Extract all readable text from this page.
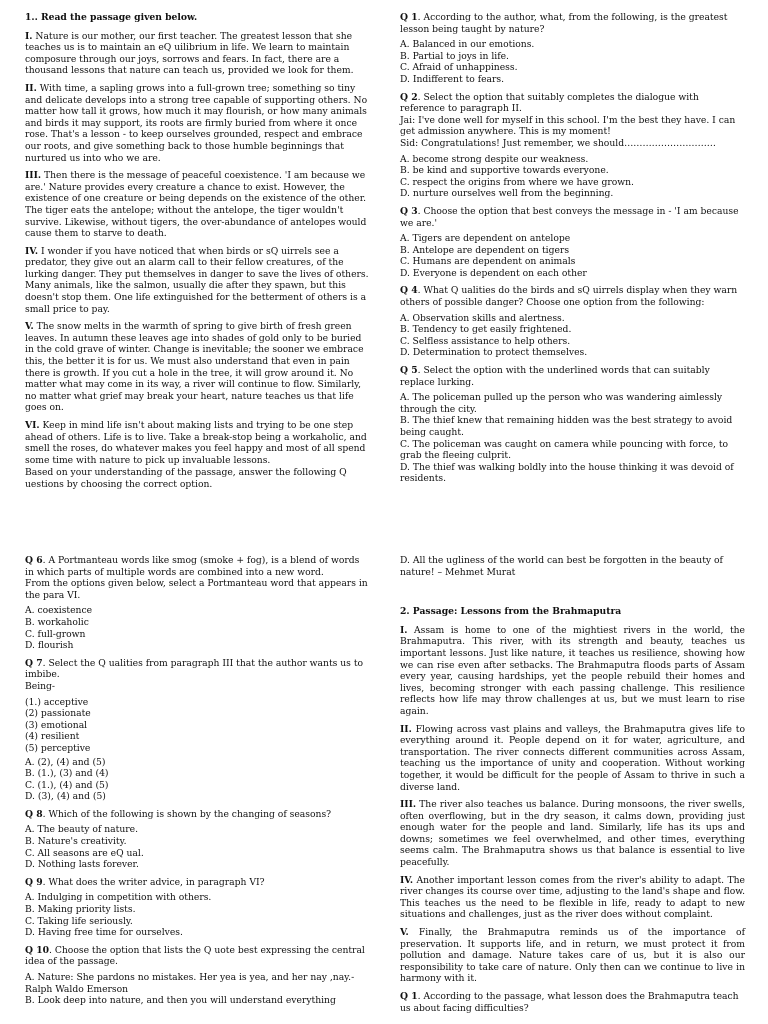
1.. Read the passage given below.

I. Nature is our mother, our first teacher. The greatest lesson that she teaches us is to maintain an eQ uilibrium in life. We learn to maintain composure through our joys, sorrows and fears. In fact, there are a thousand lessons that nature can teach us, provided we look for them.

II. With time, a sapling grows into a full-grown tree; something so tiny and delicate develops into a strong tree capable of supporting others. No matter how tall it grows, how much it may flourish, or how many animals and birds it may support, its roots are firmly buried from where it once rose. That's a lesson - to keep ourselves grounded, respect and embrace our roots, and give something back to those humble beginnings that nurtured us into who we are.

III. Then there is the message of peaceful coexistence. 'I am because we are.' Nature provides every creature a chance to exist. However, the existence of one creature or being depends on the existence of the other. The tiger eats the antelope; without the antelope, the tiger wouldn't survive. Likewise, without tigers, the over-abundance of antelopes would cause them to starve to death.

IV. I wonder if you have noticed that when birds or sQ uirrels see a predator, they give out an alarm call to their fellow creatures, of the lurking danger. They put themselves in danger to save the lives of others. Many animals, like the salmon, usually die after they spawn, but this doesn't stop them. One life extinguished for the betterment of others is a small price to pay.

V. The snow melts in the warmth of spring to give birth of fresh green leaves. In autumn these leaves age into shades of gold only to be buried in the cold grave of winter. Change is inevitable; the sooner we embrace this, the better it is for us. We must also understand that even in pain there is growth. If you cut a hole in the tree, it will grow around it. No matter what may come in its way, a river will continue to flow. Similarly, no matter what grief may break your heart, nature teaches us that life goes on.

VI. Keep in mind life isn't about making lists and trying to be one step ahead of others. Life is to live. Take a break-stop being a workaholic, and smell the roses, do whatever makes you feel happy and most of all spend some time with nature to pick up invaluable lessons.

Based on your understanding of the passage, answer the following Q uestions by choosing the correct option.

Q 1. According to the author, what, from the following, is the greatest lesson being taught by nature?

A. Balanced in our emotions.
B. Partial to joys in life.
C. Afraid of unhappiness.
D. Indifferent to fears.

Q 2. Select the option that suitably completes the dialogue with reference to paragraph II.

Jai: I've done well for myself in this school. I'm the best they have. I can get admission anywhere. This is my moment!

Sid: Congratulations! Just remember, we should…………………………

A. become strong despite our weakness.
B. be kind and supportive towards everyone.
C. respect the origins from where we have grown.
D. nurture ourselves well from the beginning.

Q 3. Choose the option that best conveys the message in - 'I am because we are.'

A. Tigers are dependent on antelope
B. Antelope are dependent on tigers
C. Humans are dependent on animals
D. Everyone is dependent on each other

Q 4. What Q ualities do the birds and sQ uirrels display when they warn others of possible danger? Choose one option from the following:

A. Observation skills and alertness.
B. Tendency to get easily frightened.
C. Selfless assistance to help others.
D. Determination to protect themselves.

Q 5. Select the option with the underlined words that can suitably replace lurking.

A. The policeman pulled up the person who was wandering aimlessly through the city.
B. The thief knew that remaining hidden was the best strategy to avoid being caught.
C. The policeman was caught on camera while pouncing with force, to grab the fleeing culprit.
D. The thief was walking boldly into the house thinking it was devoid of residents.

Q 6. A Portmanteau words like smog (smoke + fog), is a blend of words in which parts of multiple words are combined into a new word.

From the options given below, select a Portmanteau word that appears in the para VI.

A. coexistence
B. workaholic
C. full-grown
D. flourish

Q 7. Select the Q ualities from paragraph III that the author wants us to imbibe.

Being-

(1.) acceptive
(2) passionate
(3) emotional
(4) resilient
(5) perceptive
A. (2), (4) and (5)
B. (1.), (3) and (4)
C. (1.), (4) and (5)
D. (3), (4) and (5)

Q 8. Which of the following is shown by the changing of seasons?

A. The beauty of nature.
B. Nature's creativity.
C. All seasons are eQ ual.
D. Nothing lasts forever.

Q 9. What does the writer advice, in paragraph VI?

A. Indulging in competition with others.
B. Making priority lists.
C. Taking life seriously.
D. Having free time for ourselves.

Q 10. Choose the option that lists the Q uote best expressing the central idea of the passage.

A. Nature: She pardons no mistakes. Her yea is yea, and her nay ,nay.- Ralph Waldo Emerson
B. Look deep into nature, and then you will understand everything

D. All the ugliness of the world can best be forgotten in the beauty of nature! – Mehmet Murat

2. Passage: Lessons from the Brahmaputra

I. Assam is home to one of the mightiest rivers in the world, the Brahmaputra. This river, with its strength and beauty, teaches us important lessons. Just like nature, it teaches us resilience, showing how we can rise even after setbacks. The Brahmaputra floods parts of Assam every year, causing hardships, yet the people rebuild their homes and lives, becoming stronger with each passing challenge. This resilience reflects how life may throw challenges at us, but we must learn to rise again.

II. Flowing across vast plains and valleys, the Brahmaputra gives life to everything around it. People depend on it for water, agriculture, and transportation. The river connects different communities across Assam, teaching us the importance of unity and cooperation. Without working together, it would be difficult for the people of Assam to thrive in such a diverse land.

III. The river also teaches us balance. During monsoons, the river swells, often overflowing, but in the dry season, it calms down, providing just enough water for the people and land. Similarly, life has its ups and downs; sometimes we feel overwhelmed, and other times, everything seems calm. The Brahmaputra shows us that balance is essential to live peacefully.

IV. Another important lesson comes from the river's ability to adapt. The river changes its course over time, adjusting to the land's shape and flow. This teaches us the need to be flexible in life, ready to adapt to new situations and challenges, just as the river does without complaint.

V. Finally, the Brahmaputra reminds us of the importance of preservation. It supports life, and in return, we must protect it from pollution and damage. Nature takes care of us, but it is also our responsibility to take care of nature. Only then can we continue to live in harmony with it.

Q 1. According to the passage, what lesson does the Brahmaputra teach us about facing difficulties?
